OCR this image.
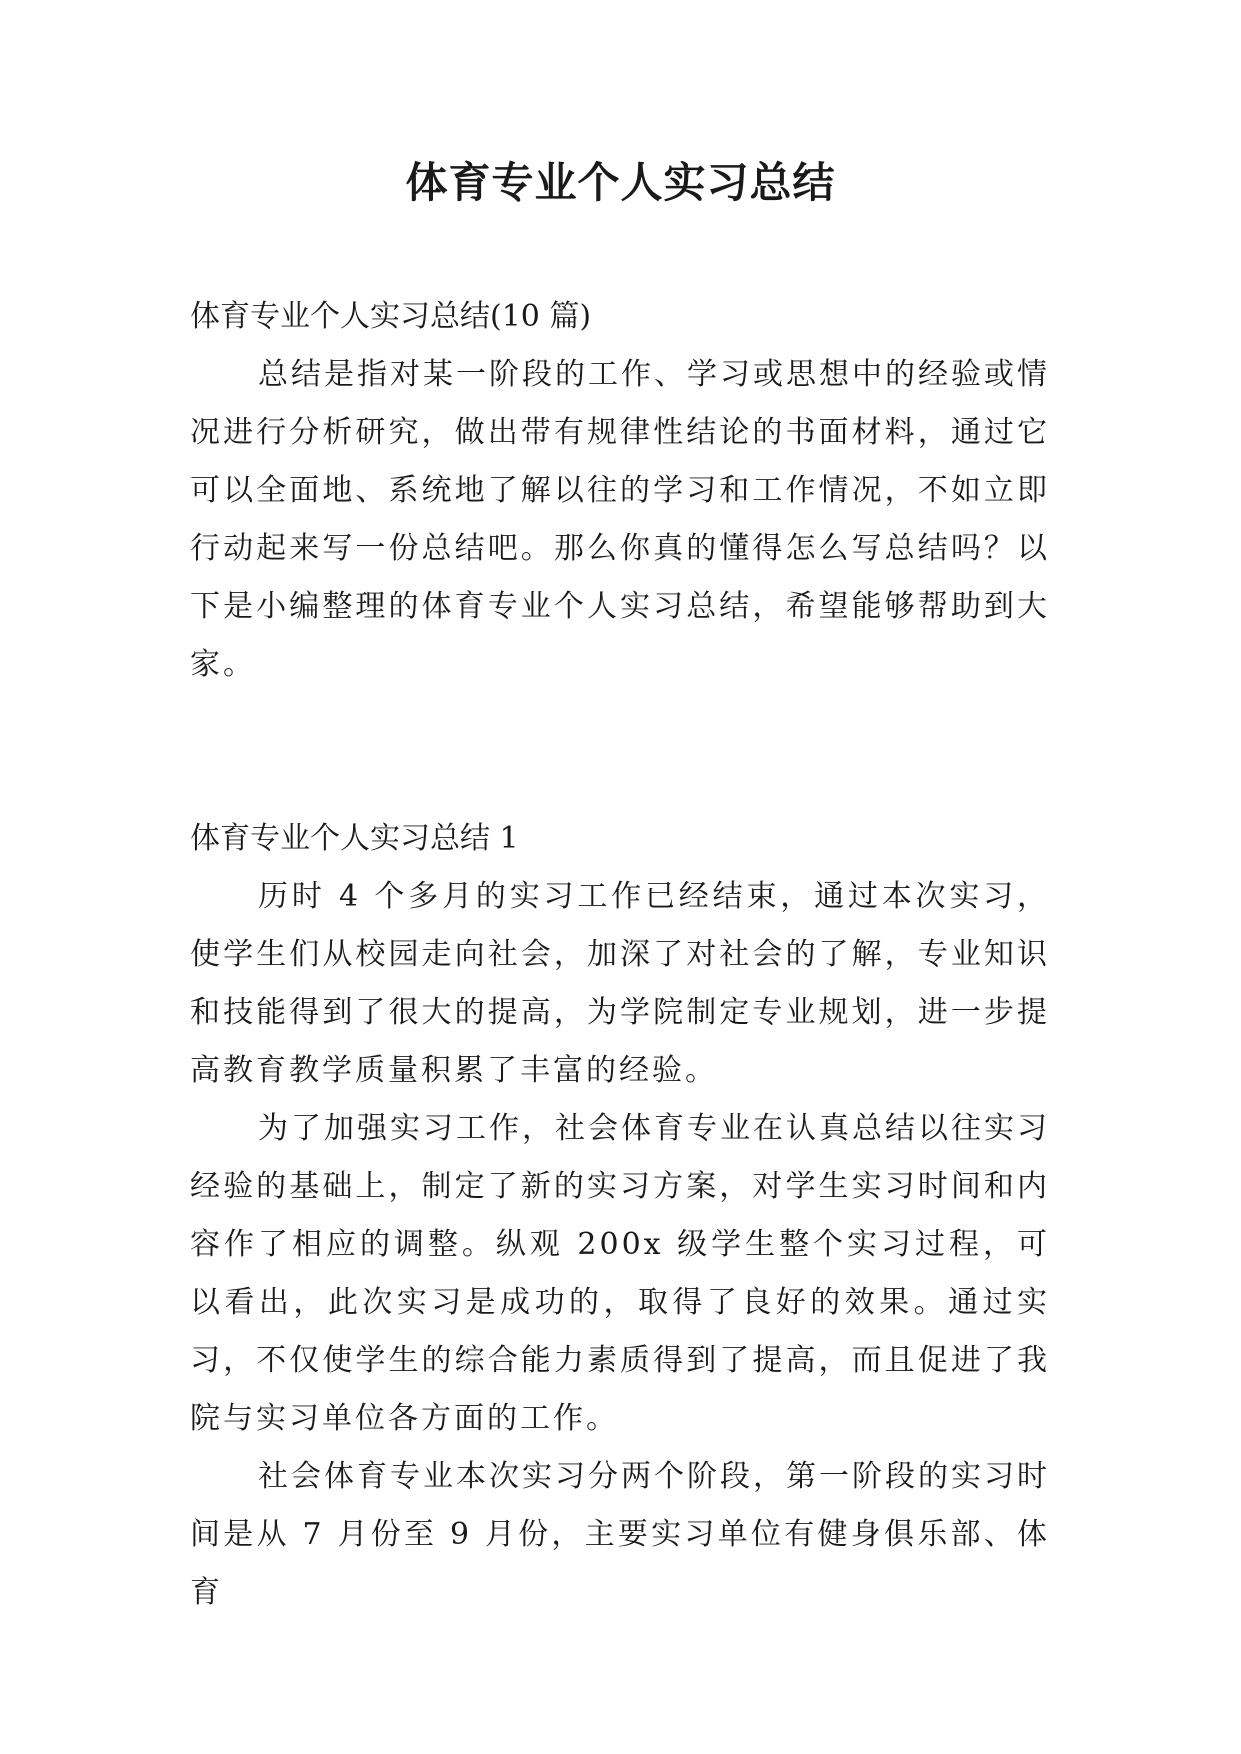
体育专业个人实习总结

体育专业个人实习总结(10 篇)

总结是指对某一阶段的工作、学习或思想中的经验或情况进行分析研究，做出带有规律性结论的书面材料，通过它可以全面地、系统地了解以往的学习和工作情况，不如立即行动起来写一份总结吧。那么你真的懂得怎么写总结吗？以下是小编整理的体育专业个人实习总结，希望能够帮助到大家。

体育专业个人实习总结 1

历时 4 个多月的实习工作已经结束，通过本次实习，使学生们从校园走向社会，加深了对社会的了解，专业知识和技能得到了很大的提高，为学院制定专业规划，进一步提高教育教学质量积累了丰富的经验。

为了加强实习工作，社会体育专业在认真总结以往实习经验的基础上，制定了新的实习方案，对学生实习时间和内容作了相应的调整。纵观 200x 级学生整个实习过程，可以看出，此次实习是成功的，取得了良好的效果。通过实习，不仅使学生的综合能力素质得到了提高，而且促进了我院与实习单位各方面的工作。

社会体育专业本次实习分两个阶段，第一阶段的实习时间是从 7 月份至 9 月份，主要实习单位有健身俱乐部、体育
